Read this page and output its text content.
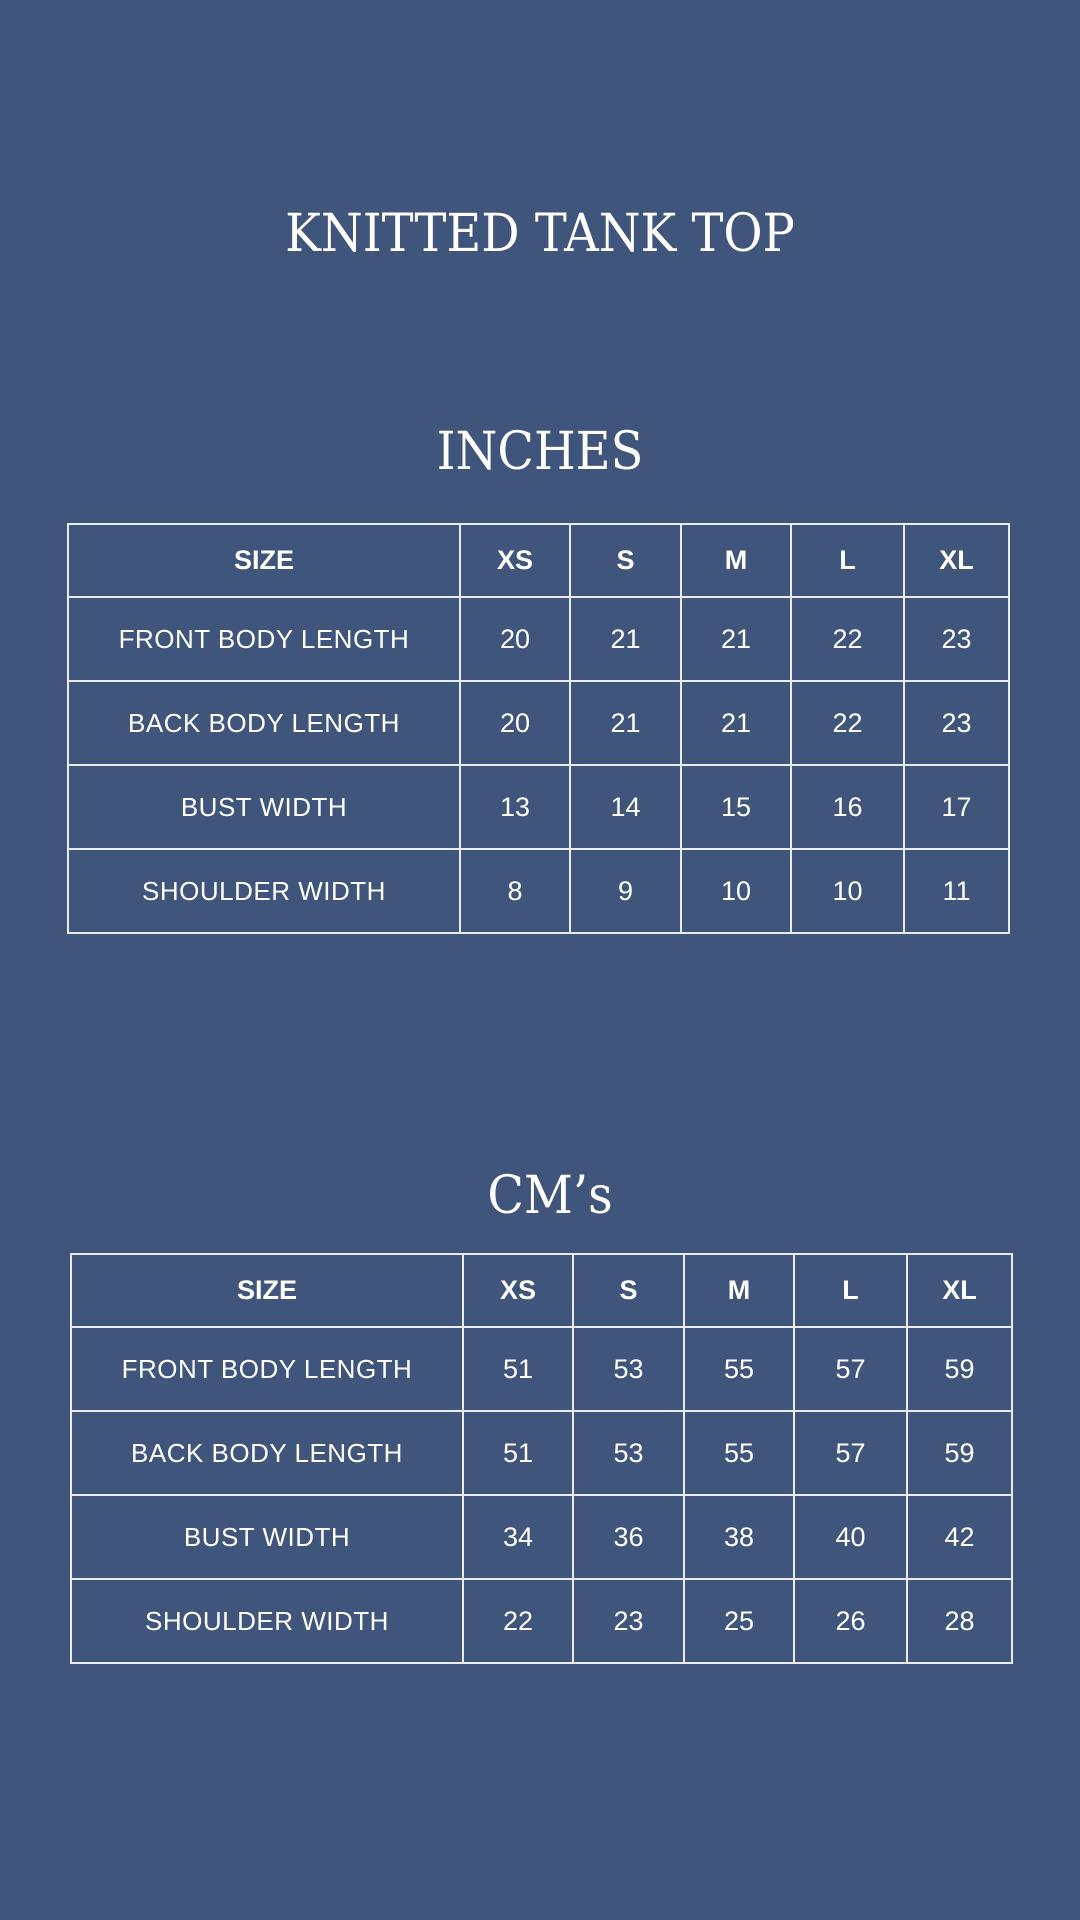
KNITTED TANK TOP
INCHES
SIZE	XS	S	M	L	XL
FRONT BODY LENGTH	20	21	21	22	23
BACK BODY LENGTH	20	21	21	22	23
BUST WIDTH	13	14	15	16	17
SHOULDER WIDTH	8	9	10	10	11
CM’s
SIZE	XS	S	M	L	XL
FRONT BODY LENGTH	51	53	55	57	59
BACK BODY LENGTH	51	53	55	57	59
BUST WIDTH	34	36	38	40	42
SHOULDER WIDTH	22	23	25	26	28
